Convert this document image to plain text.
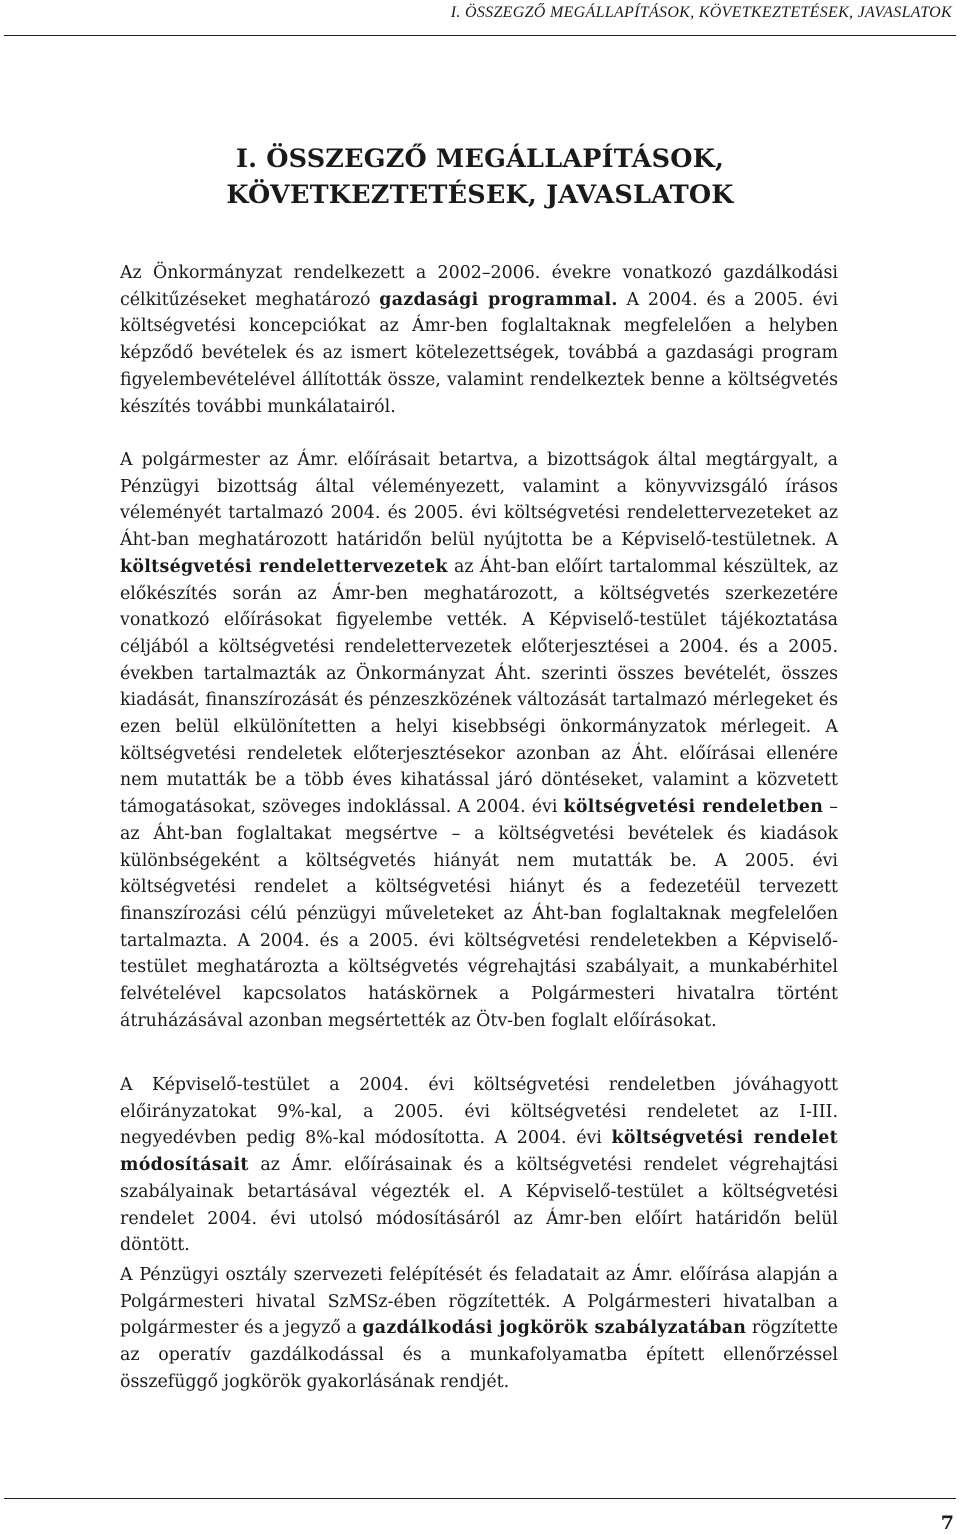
I. ÖSSZEGZŐ MEGÁLLAPÍTÁSOK, KÖVETKEZTETÉSEK, JAVASLATOK
I. ÖSSZEGZŐ MEGÁLLAPÍTÁSOK, KÖVETKEZTETÉSEK, JAVASLATOK

Az Önkormányzat rendelkezett a 2002–2006. évekre vonatkozó gazdálkodási célkitűzéseket meghatározó gazdasági programmal. A 2004. és a 2005. évi költségvetési koncepciókat az Ámr-ben foglaltaknak megfelelően a helyben képződő bevételek és az ismert kötelezettségek, továbbá a gazdasági program figyelembevételével állították össze, valamint rendelkeztek benne a költségvetés készítés további munkálatairól.

A polgármester az Ámr. előírásait betartva, a bizottságok által megtárgyalt, a Pénzügyi bizottság által véleményezett, valamint a könyvvizsgáló írásos véleményét tartalmazó 2004. és 2005. évi költségvetési rendelettervezeteket az Áht-ban meghatározott határidőn belül nyújtotta be a Képviselő-testületnek. A költségvetési rendelettervezetek az Áht-ban előírt tartalommal készültek, az előkészítés során az Ámr-ben meghatározott, a költségvetés szerkezetére vonatkozó előírásokat figyelembe vették. A Képviselő-testület tájékoztatása céljából a költségvetési rendelettervezetek előterjesztései a 2004. és a 2005. években tartalmazták az Önkormányzat Áht. szerinti összes bevételét, összes kiadását, finanszírozását és pénzeszközének változását tartalmazó mérlegeket és ezen belül elkülönítetten a helyi kisebbségi önkormányzatok mérlegeit. A költségvetési rendeletek előterjesztésekor azonban az Áht. előírásai ellenére nem mutatták be a több éves kihatással járó döntéseket, valamint a közvetett támogatásokat, szöveges indoklással. A 2004. évi költségvetési rendeletben – az Áht-ban foglaltakat megsértve – a költségvetési bevételek és kiadások különbségeként a költségvetés hiányát nem mutatták be. A 2005. évi költségvetési rendelet a költségvetési hiányt és a fedezetéül tervezett finanszírozási célú pénzügyi műveleteket az Áht-ban foglaltaknak megfelelően tartalmazta. A 2004. és a 2005. évi költségvetési rendeletekben a Képviselő-testület meghatározta a költségvetés végrehajtási szabályait, a munkabérhitel felvételével kapcsolatos hatáskörnek a Polgármesteri hivatalra történt átruházásával azonban megsértették az Ötv-ben foglalt előírásokat.

A Képviselő-testület a 2004. évi költségvetési rendeletben jóváhagyott előirányzatokat 9%-kal, a 2005. évi költségvetési rendeletet az I-III. negyedévben pedig 8%-kal módosította. A 2004. évi költségvetési rendelet módosításait az Ámr. előírásainak és a költségvetési rendelet végrehajtási szabályainak betartásával végezték el. A Képviselő-testület a költségvetési rendelet 2004. évi utolsó módosításáról az Ámr-ben előírt határidőn belül döntött.

A Pénzügyi osztály szervezeti felépítését és feladatait az Ámr. előírása alapján a Polgármesteri hivatal SzMSz-ében rögzítették. A Polgármesteri hivatalban a polgármester és a jegyző a gazdálkodási jogkörök szabályzatában rögzítette az operatív gazdálkodással és a munkafolyamatba épített ellenőrzéssel összefüggő jogkörök gyakorlásának rendjét.

7
